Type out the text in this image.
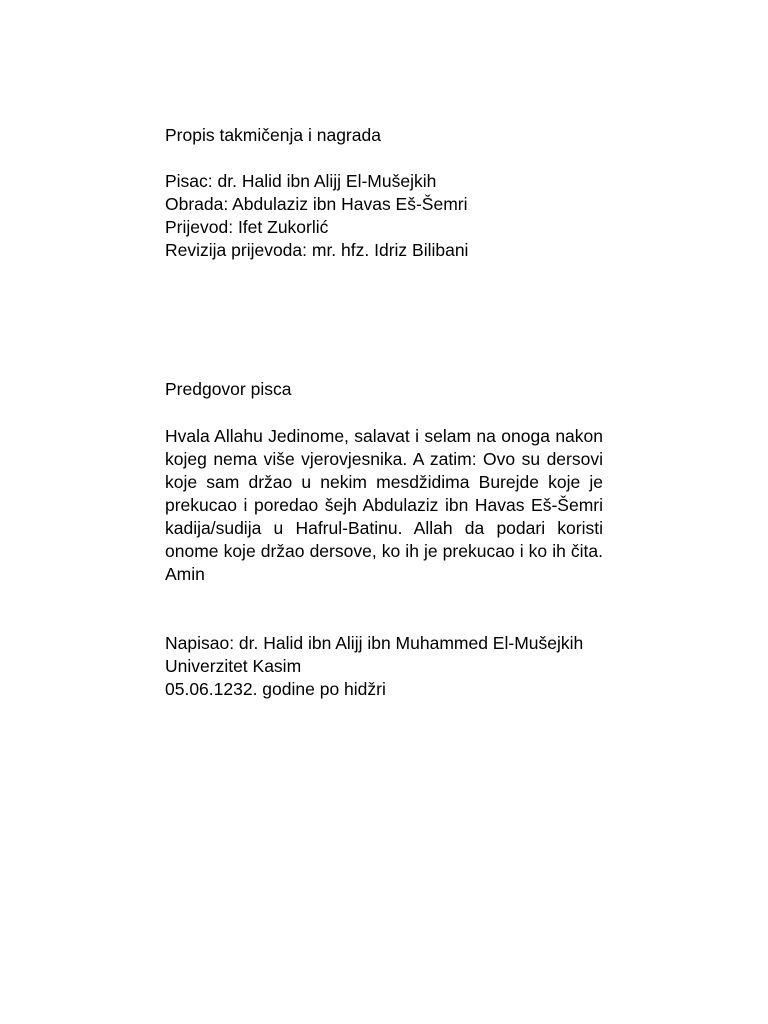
Propis takmičenja i nagrada
Pisac: dr. Halid ibn Alijj El-Mušejkih
Obrada: Abdulaziz ibn Havas Eš-Šemri
Prijevod: Ifet Zukorlić
Revizija prijevoda: mr. hfz. Idriz Bilibani
Predgovor pisca
Hvala Allahu Jedinome, salavat i selam na onoga nakon kojeg nema više vjerovjesnika. A zatim: Ovo su dersovi koje sam držao u nekim mesdžidima Burejde koje je prekucao i poredao šejh Abdulaziz ibn Havas Eš-Šemri kadija/sudija u Hafrul-Batinu. Allah da podari koristi onome koje držao dersove, ko ih je prekucao i ko ih čita. Amin
Napisao: dr. Halid ibn Alijj ibn Muhammed El-Mušejkih
Univerzitet Kasim
05.06.1232. godine po hidžri
